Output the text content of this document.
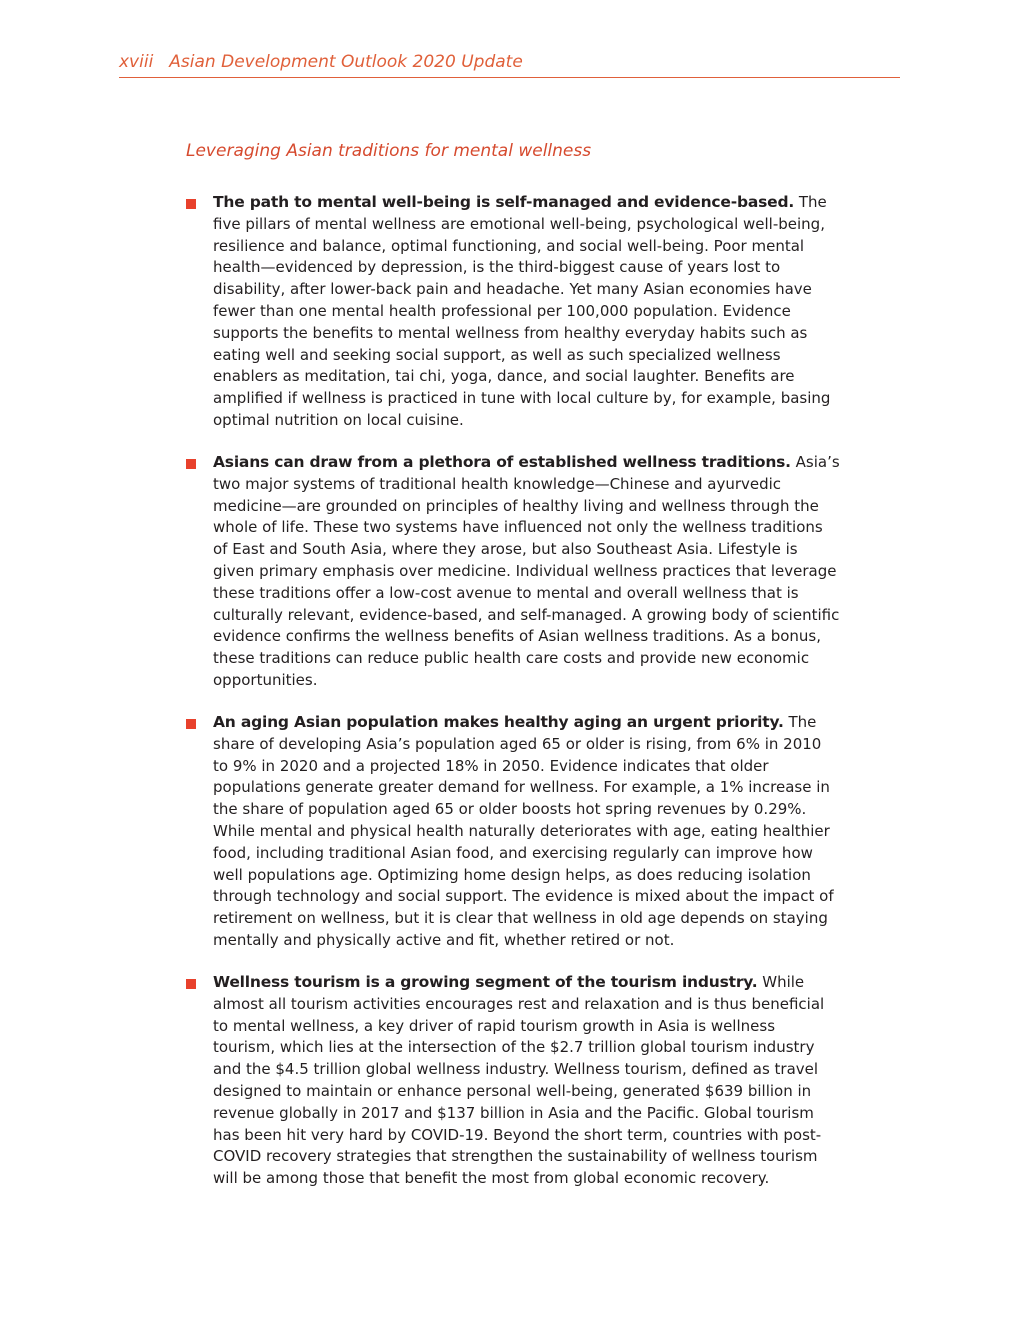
xviii Asian Development Outlook 2020 Update
Leveraging Asian traditions for mental wellness

The path to mental well-being is self-managed and evidence-based. The five pillars of mental wellness are emotional well-being, psychological well-being, resilience and balance, optimal functioning, and social well-being. Poor mental health—evidenced by depression, is the third-biggest cause of years lost to disability, after lower-back pain and headache. Yet many Asian economies have fewer than one mental health professional per 100,000 population. Evidence supports the benefits to mental wellness from healthy everyday habits such as eating well and seeking social support, as well as such specialized wellness enablers as meditation, tai chi, yoga, dance, and social laughter. Benefits are amplified if wellness is practiced in tune with local culture by, for example, basing optimal nutrition on local cuisine.

Asians can draw from a plethora of established wellness traditions. Asia’s two major systems of traditional health knowledge—Chinese and ayurvedic medicine—are grounded on principles of healthy living and wellness through the whole of life. These two systems have influenced not only the wellness traditions of East and South Asia, where they arose, but also Southeast Asia. Lifestyle is given primary emphasis over medicine. Individual wellness practices that leverage these traditions offer a low-cost avenue to mental and overall wellness that is culturally relevant, evidence-based, and self-managed. A growing body of scientific evidence confirms the wellness benefits of Asian wellness traditions. As a bonus, these traditions can reduce public health care costs and provide new economic opportunities.

An aging Asian population makes healthy aging an urgent priority. The share of developing Asia’s population aged 65 or older is rising, from 6% in 2010 to 9% in 2020 and a projected 18% in 2050. Evidence indicates that older populations generate greater demand for wellness. For example, a 1% increase in the share of population aged 65 or older boosts hot spring revenues by 0.29%. While mental and physical health naturally deteriorates with age, eating healthier food, including traditional Asian food, and exercising regularly can improve how well populations age. Optimizing home design helps, as does reducing isolation through technology and social support. The evidence is mixed about the impact of retirement on wellness, but it is clear that wellness in old age depends on staying mentally and physically active and fit, whether retired or not.

Wellness tourism is a growing segment of the tourism industry. While almost all tourism activities encourages rest and relaxation and is thus beneficial to mental wellness, a key driver of rapid tourism growth in Asia is wellness tourism, which lies at the intersection of the $2.7 trillion global tourism industry and the $4.5 trillion global wellness industry. Wellness tourism, defined as travel designed to maintain or enhance personal well-being, generated $639 billion in revenue globally in 2017 and $137 billion in Asia and the Pacific. Global tourism has been hit very hard by COVID-19. Beyond the short term, countries with post-COVID recovery strategies that strengthen the sustainability of wellness tourism will be among those that benefit the most from global economic recovery.
